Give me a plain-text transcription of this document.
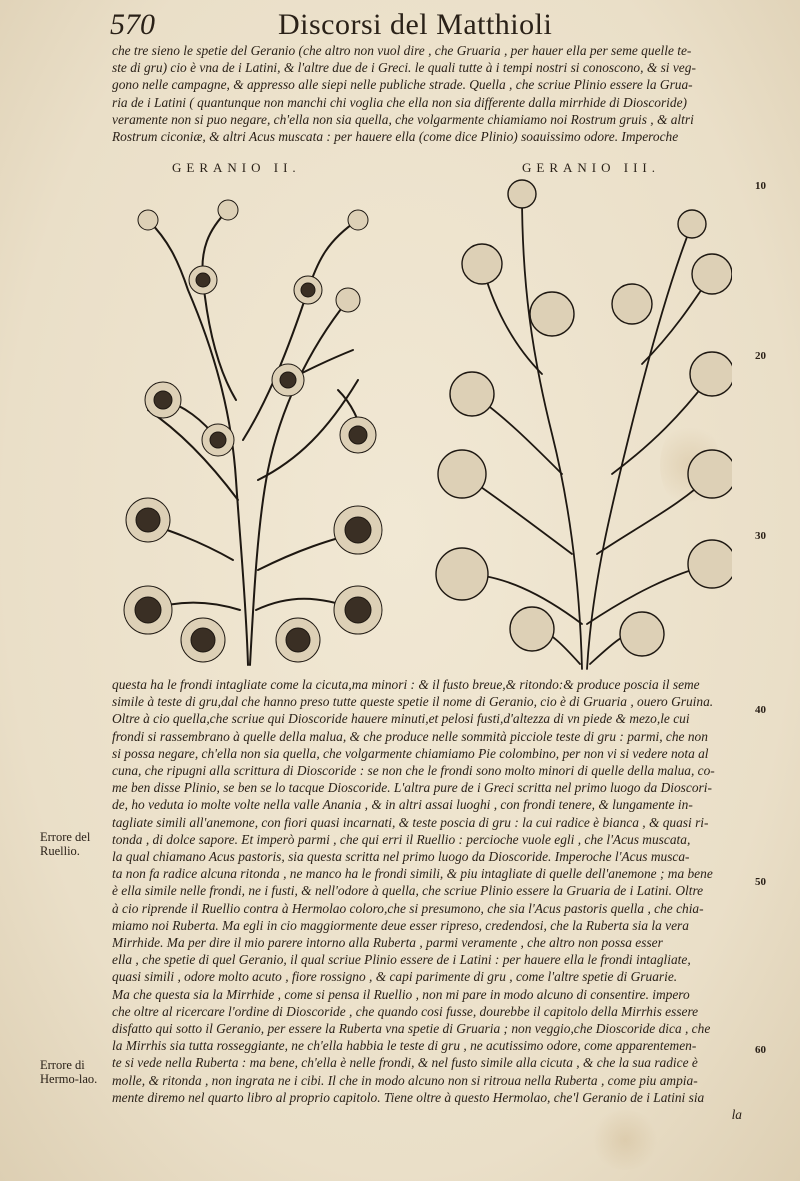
570	Discorsi del Matthioli
che tre sieno le spetie del Geranio (che altro non vuol dire , che Gruaria , per hauer ella per seme quelle te-
ste di gru) cio è vna de i Latini, & l'altre due de i Greci. le quali tutte à i tempi nostri si conoscono, & si veg-
gono nelle campagne, & appresso alle siepi nelle publiche strade. Quella , che scriue Plinio essere la Grua-
ria de i Latini ( quantunque non manchi chi voglia che ella non sia differente dalla mirrhide di Dioscoride)
veramente non si puo negare, ch'ella non sia quella, che volgarmente chiamiamo noi Rostrum gruis , & altri
Rostrum ciconiæ, & altri Acus muscata : per hauere ella (come dice Plinio) soauissimo odore. Imperoche
GERANIO II.	GERANIO III.
10
20
30
40
50
60
Errore del Ruellio.
Errore di Hermo-lao.
questa ha le frondi intagliate come la cicuta,ma minori : & il fusto breue,& ritondo:& produce poscia il seme
simile à teste di gru,dal che hanno preso tutte queste spetie il nome di Geranio, cio è di Gruaria , ouero Gruina.
Oltre à cio quella,che scriue qui Dioscoride hauere minuti,et pelosi fusti,d'altezza di vn piede & mezo,le cui
frondi si rassembrano à quelle della malua, & che produce nelle sommità picciole teste di gru : parmi, che non
si possa negare, ch'ella non sia quella, che volgarmente chiamiamo Pie colombino, per non vi si vedere nota al
cuna, che ripugni alla scrittura di Dioscoride : se non che le frondi sono molto minori di quelle della malua, co-
me ben disse Plinio, se ben se lo tacque Dioscoride. L'altra pure de i Greci scritta nel primo luogo da Dioscori-
de, ho veduta io molte volte nella valle Anania , & in altri assai luoghi , con frondi tenere, & lungamente in-
tagliate simili all'anemone, con fiori quasi incarnati, & teste poscia di gru : la cui radice è bianca , & quasi ri-
tonda , di dolce sapore. Et imperò parmi , che qui erri il Ruellio : percioche vuole egli , che l'Acus muscata,
la qual chiamano Acus pastoris, sia questa scritta nel primo luogo da Dioscoride. Imperoche l'Acus musca-
ta non fa radice alcuna ritonda , ne manco ha le frondi simili, & piu intagliate di quelle dell'anemone ; ma bene
è ella simile nelle frondi, ne i fusti, & nell'odore à quella, che scriue Plinio essere la Gruaria de i Latini. Oltre
à cio riprende il Ruellio contra à Hermolao coloro,che si presumono, che sia l'Acus pastoris quella , che chia-
miamo noi Ruberta. Ma egli in cio maggiormente deue esser ripreso, credendosi, che la Ruberta sia la vera
Mirrhide. Ma per dire il mio parere intorno alla Ruberta , parmi veramente , che altro non possa esser
ella , che spetie di quel Geranio, il qual scriue Plinio essere de i Latini : per hauere ella le frondi intagliate,
quasi simili , odore molto acuto , fiore rossigno , & capi parimente di gru , come l'altre spetie di Gruarie.
Ma che questa sia la Mirrhide , come si pensa il Ruellio , non mi pare in modo alcuno di consentire. impero
che oltre al ricercare l'ordine di Dioscoride , che quando cosi fusse, dourebbe il capitolo della Mirrhis essere
disfatto qui sotto il Geranio, per essere la Ruberta vna spetie di Gruaria ; non veggio,che Dioscoride dica , che
la Mirrhis sia tutta rosseggiante, ne ch'ella habbia le teste di gru , ne acutissimo odore, come apparentemen-
te si vede nella Ruberta : ma bene, ch'ella è nelle frondi, & nel fusto simile alla cicuta , & che la sua radice è
molle, & ritonda , non ingrata ne i cibi. Il che in modo alcuno non si ritroua nella Ruberta , come piu ampia-
mente diremo nel quarto libro al proprio capitolo. Tiene oltre à questo Hermolao, che'l Geranio de i Latini sia
la
